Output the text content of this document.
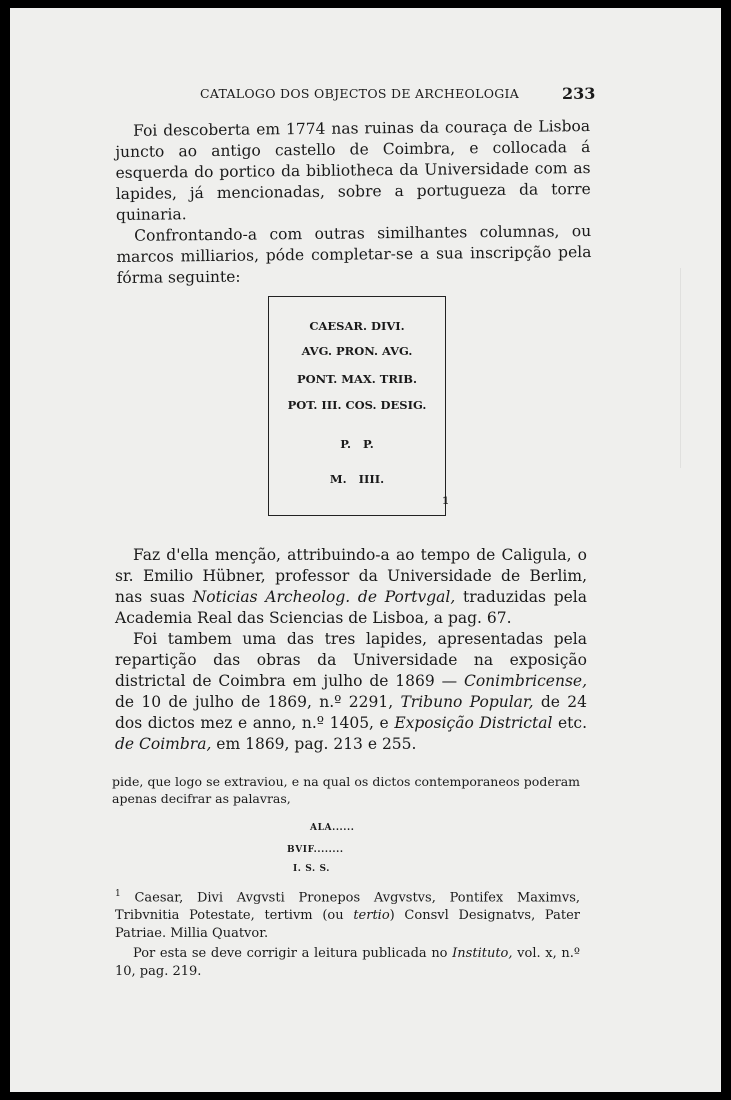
CATALOGO DOS OBJECTOS DE ARCHEOLOGIA	233

Foi descoberta em 1774 nas ruinas da couraça de Lisboa juncto ao antigo castello de Coimbra, e collocada á esquerda do portico da bibliotheca da Universidade com as lapides, já mencionadas, sobre a portugueza da torre quinaria.

Confrontando-a com outras similhantes columnas, ou marcos milliarios, póde completar-se a sua inscripção pela fórma seguinte:

CAESAR. DIVI.
AVG. PRON. AVG.
PONT. MAX. TRIB.
POT. III. COS. DESIG.
P.   P.
M.   IIII.
1

Faz d'ella menção, attribuindo-a ao tempo de Caligula, o sr. Emilio Hübner, professor da Universidade de Berlim, nas suas Noticias Archeolog. de Portvgal, traduzidas pela Academia Real das Sciencias de Lisboa, a pag. 67.

Foi tambem uma das tres lapides, apresentadas pela repartição das obras da Universidade na exposição districtal de Coimbra em julho de 1869 — Conimbricense, de 10 de julho de 1869, n.º 2291, Tribuno Popular, de 24 dos dictos mez e anno, n.º 1405, e Exposição Districtal etc. de Coimbra, em 1869, pag. 213 e 255.

pide, que logo se extraviou, e na qual os dictos contemporaneos poderam apenas decifrar as palavras,
ALA......
BVIF........
I. S. S.
$^1$ Caesar, Divi Avgvsti Pronepos Avgvstvs, Pontifex Maximvs, Tribvnitia Potestate, tertivm (ou tertio) Consvl Designatvs, Pater Patriae. Millia Quatvor.
Por esta se deve corrigir a leitura publicada no Instituto, vol. x, n.º 10, pag. 219.
